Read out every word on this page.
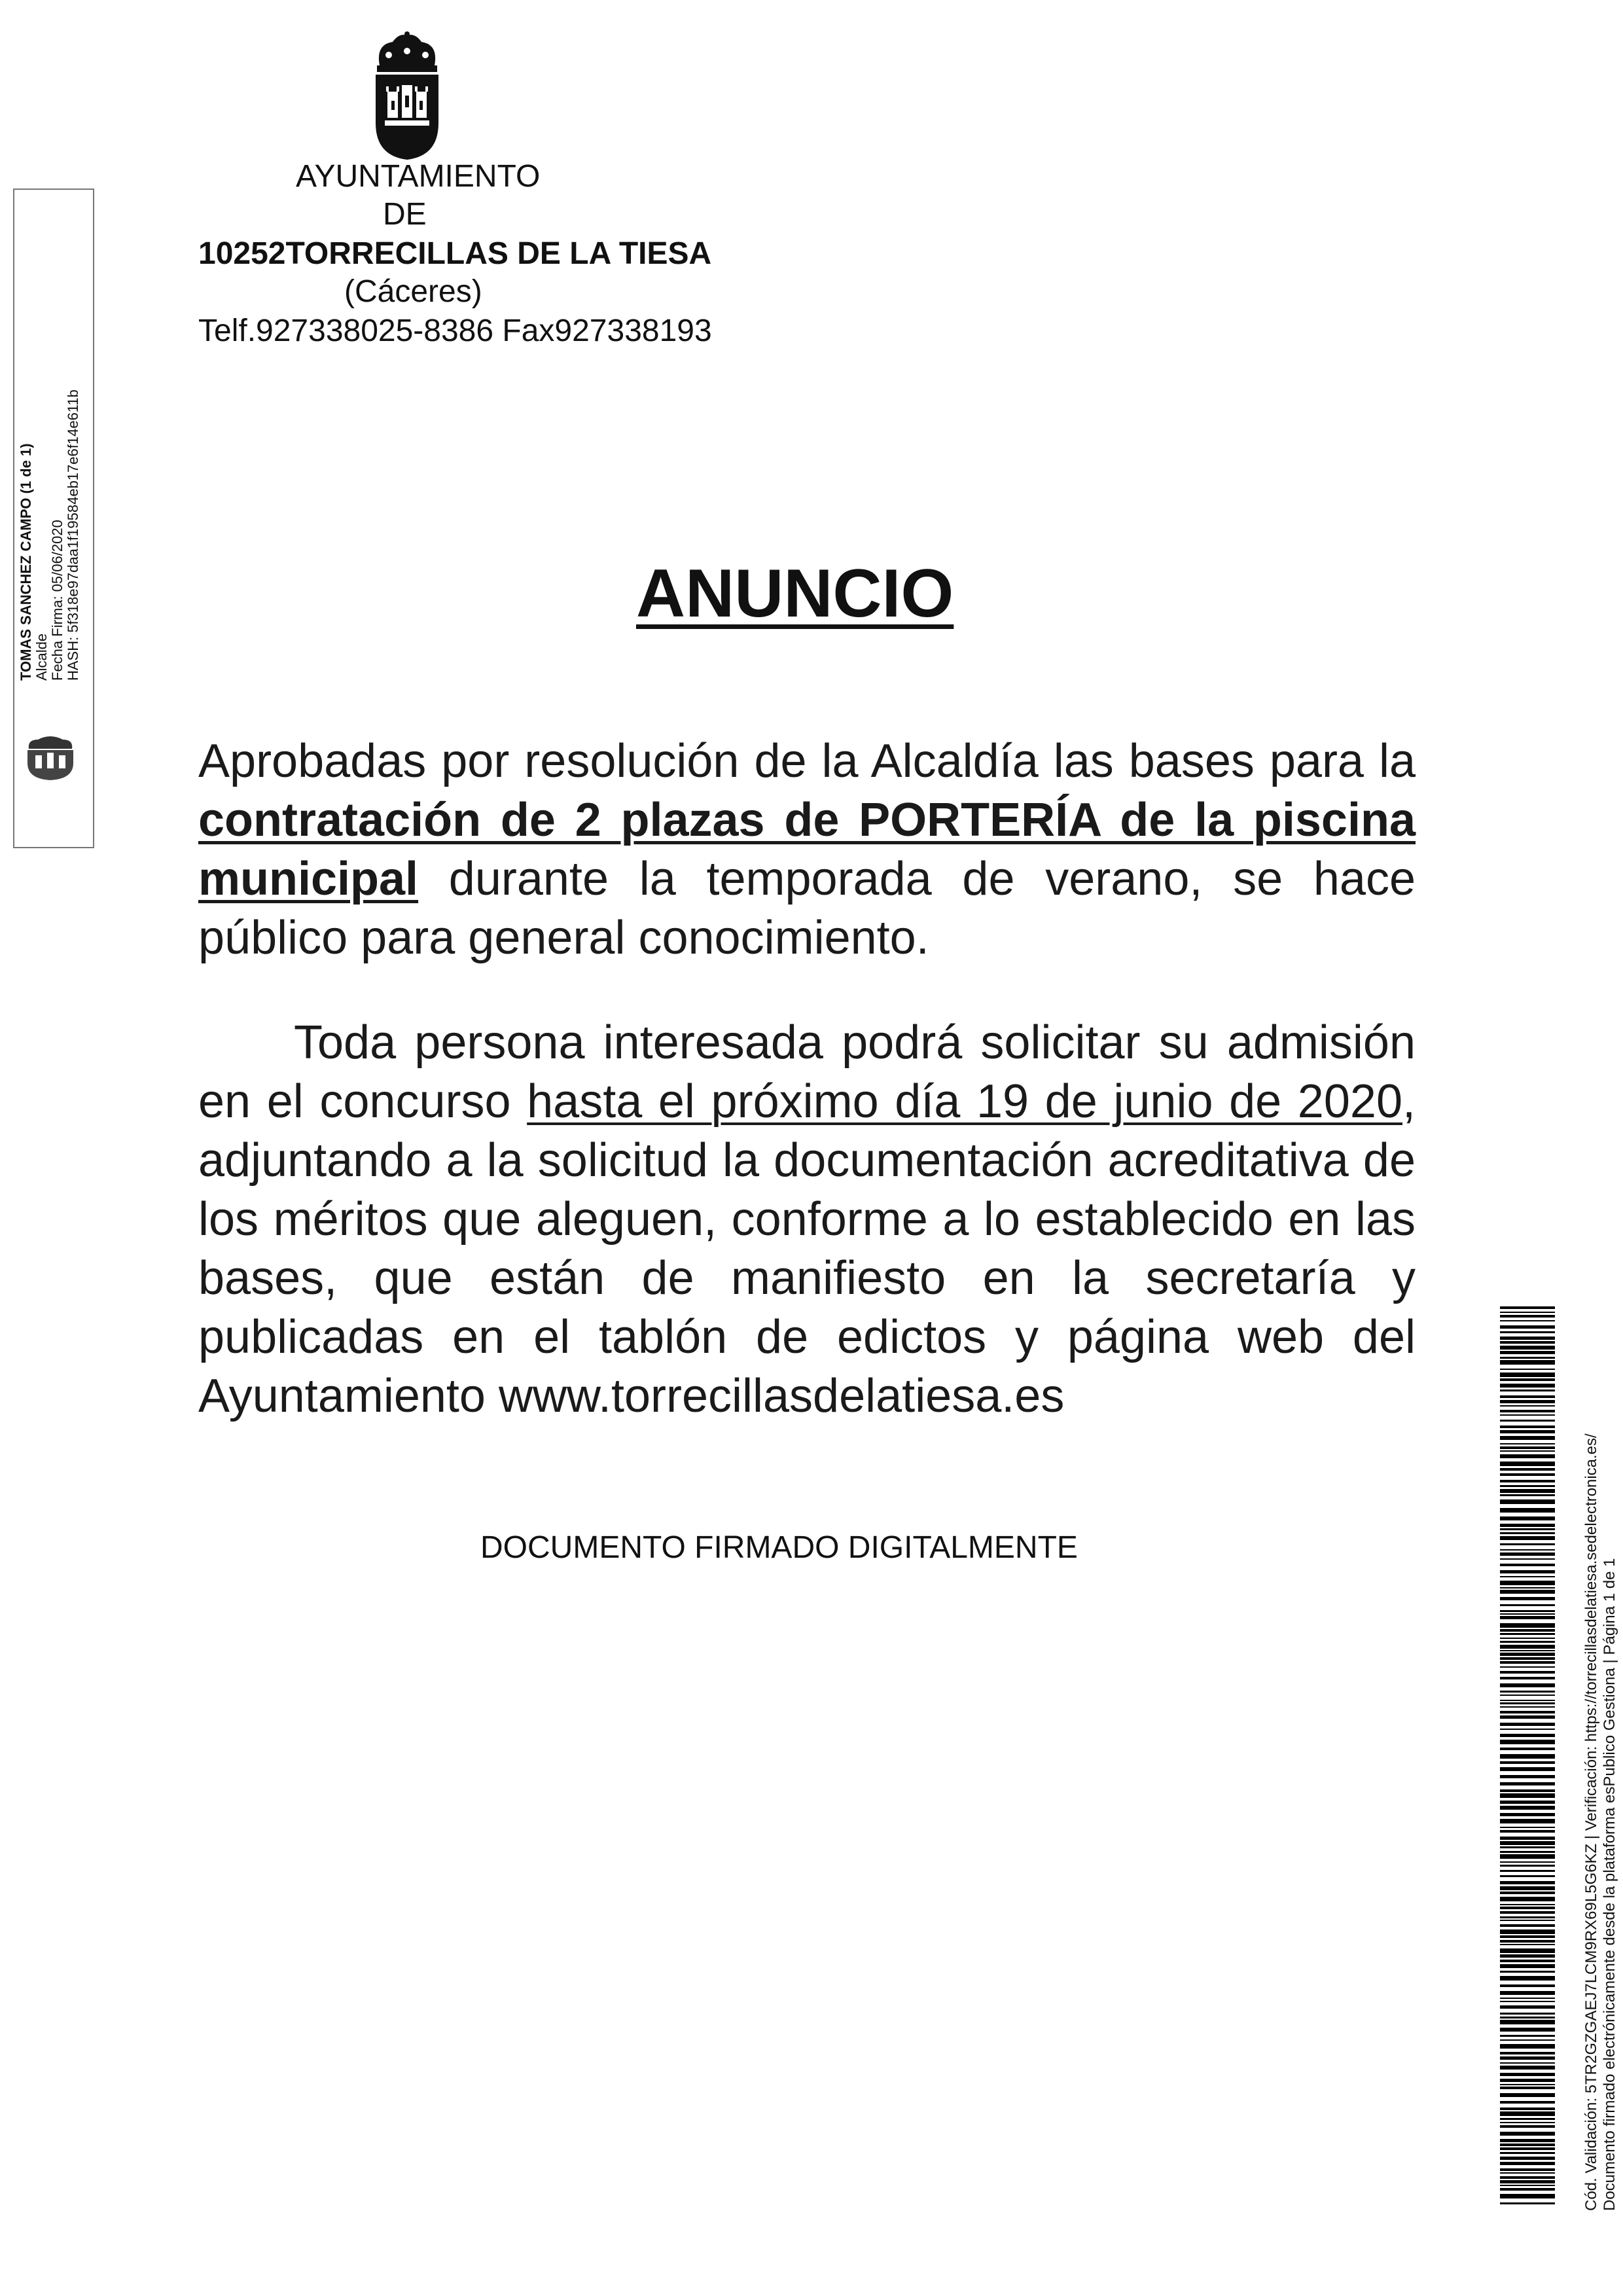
AYUNTAMIENTO
DE
10252TORRECILLAS DE LA TIESA
(Cáceres)
Telf.927338025-8386 Fax927338193
TOMAS SANCHEZ CAMPO (1 de 1) Alcalde Fecha Firma: 05/06/2020 HASH: 5f318e97daa1f19584eb17e6f14e611b	ANUNCIO
Aprobadas por resolución de la Alcaldía las bases para la contratación de 2 plazas de PORTERÍA de la piscina municipal durante la temporada de verano, se hace público para general conocimiento.
Toda persona interesada podrá solicitar su admisión en el concurso hasta el próximo día 19 de junio de 2020, adjuntando a la solicitud la documentación acreditativa de los méritos que aleguen, conforme a lo establecido en las bases, que están de manifiesto en la secretaría y publicadas en el tablón de edictos y página web del Ayuntamiento www.torrecillasdelatiesa.es
DOCUMENTO FIRMADO DIGITALMENTE	Cód. Validación: 5TR2GZGAEJ7LCM9RX69L5G6KZ | Verificación: https://torrecillasdelatiesa.sedelectronica.es/ Documento firmado electrónicamente desde la plataforma esPublico Gestiona | Página 1 de 1
